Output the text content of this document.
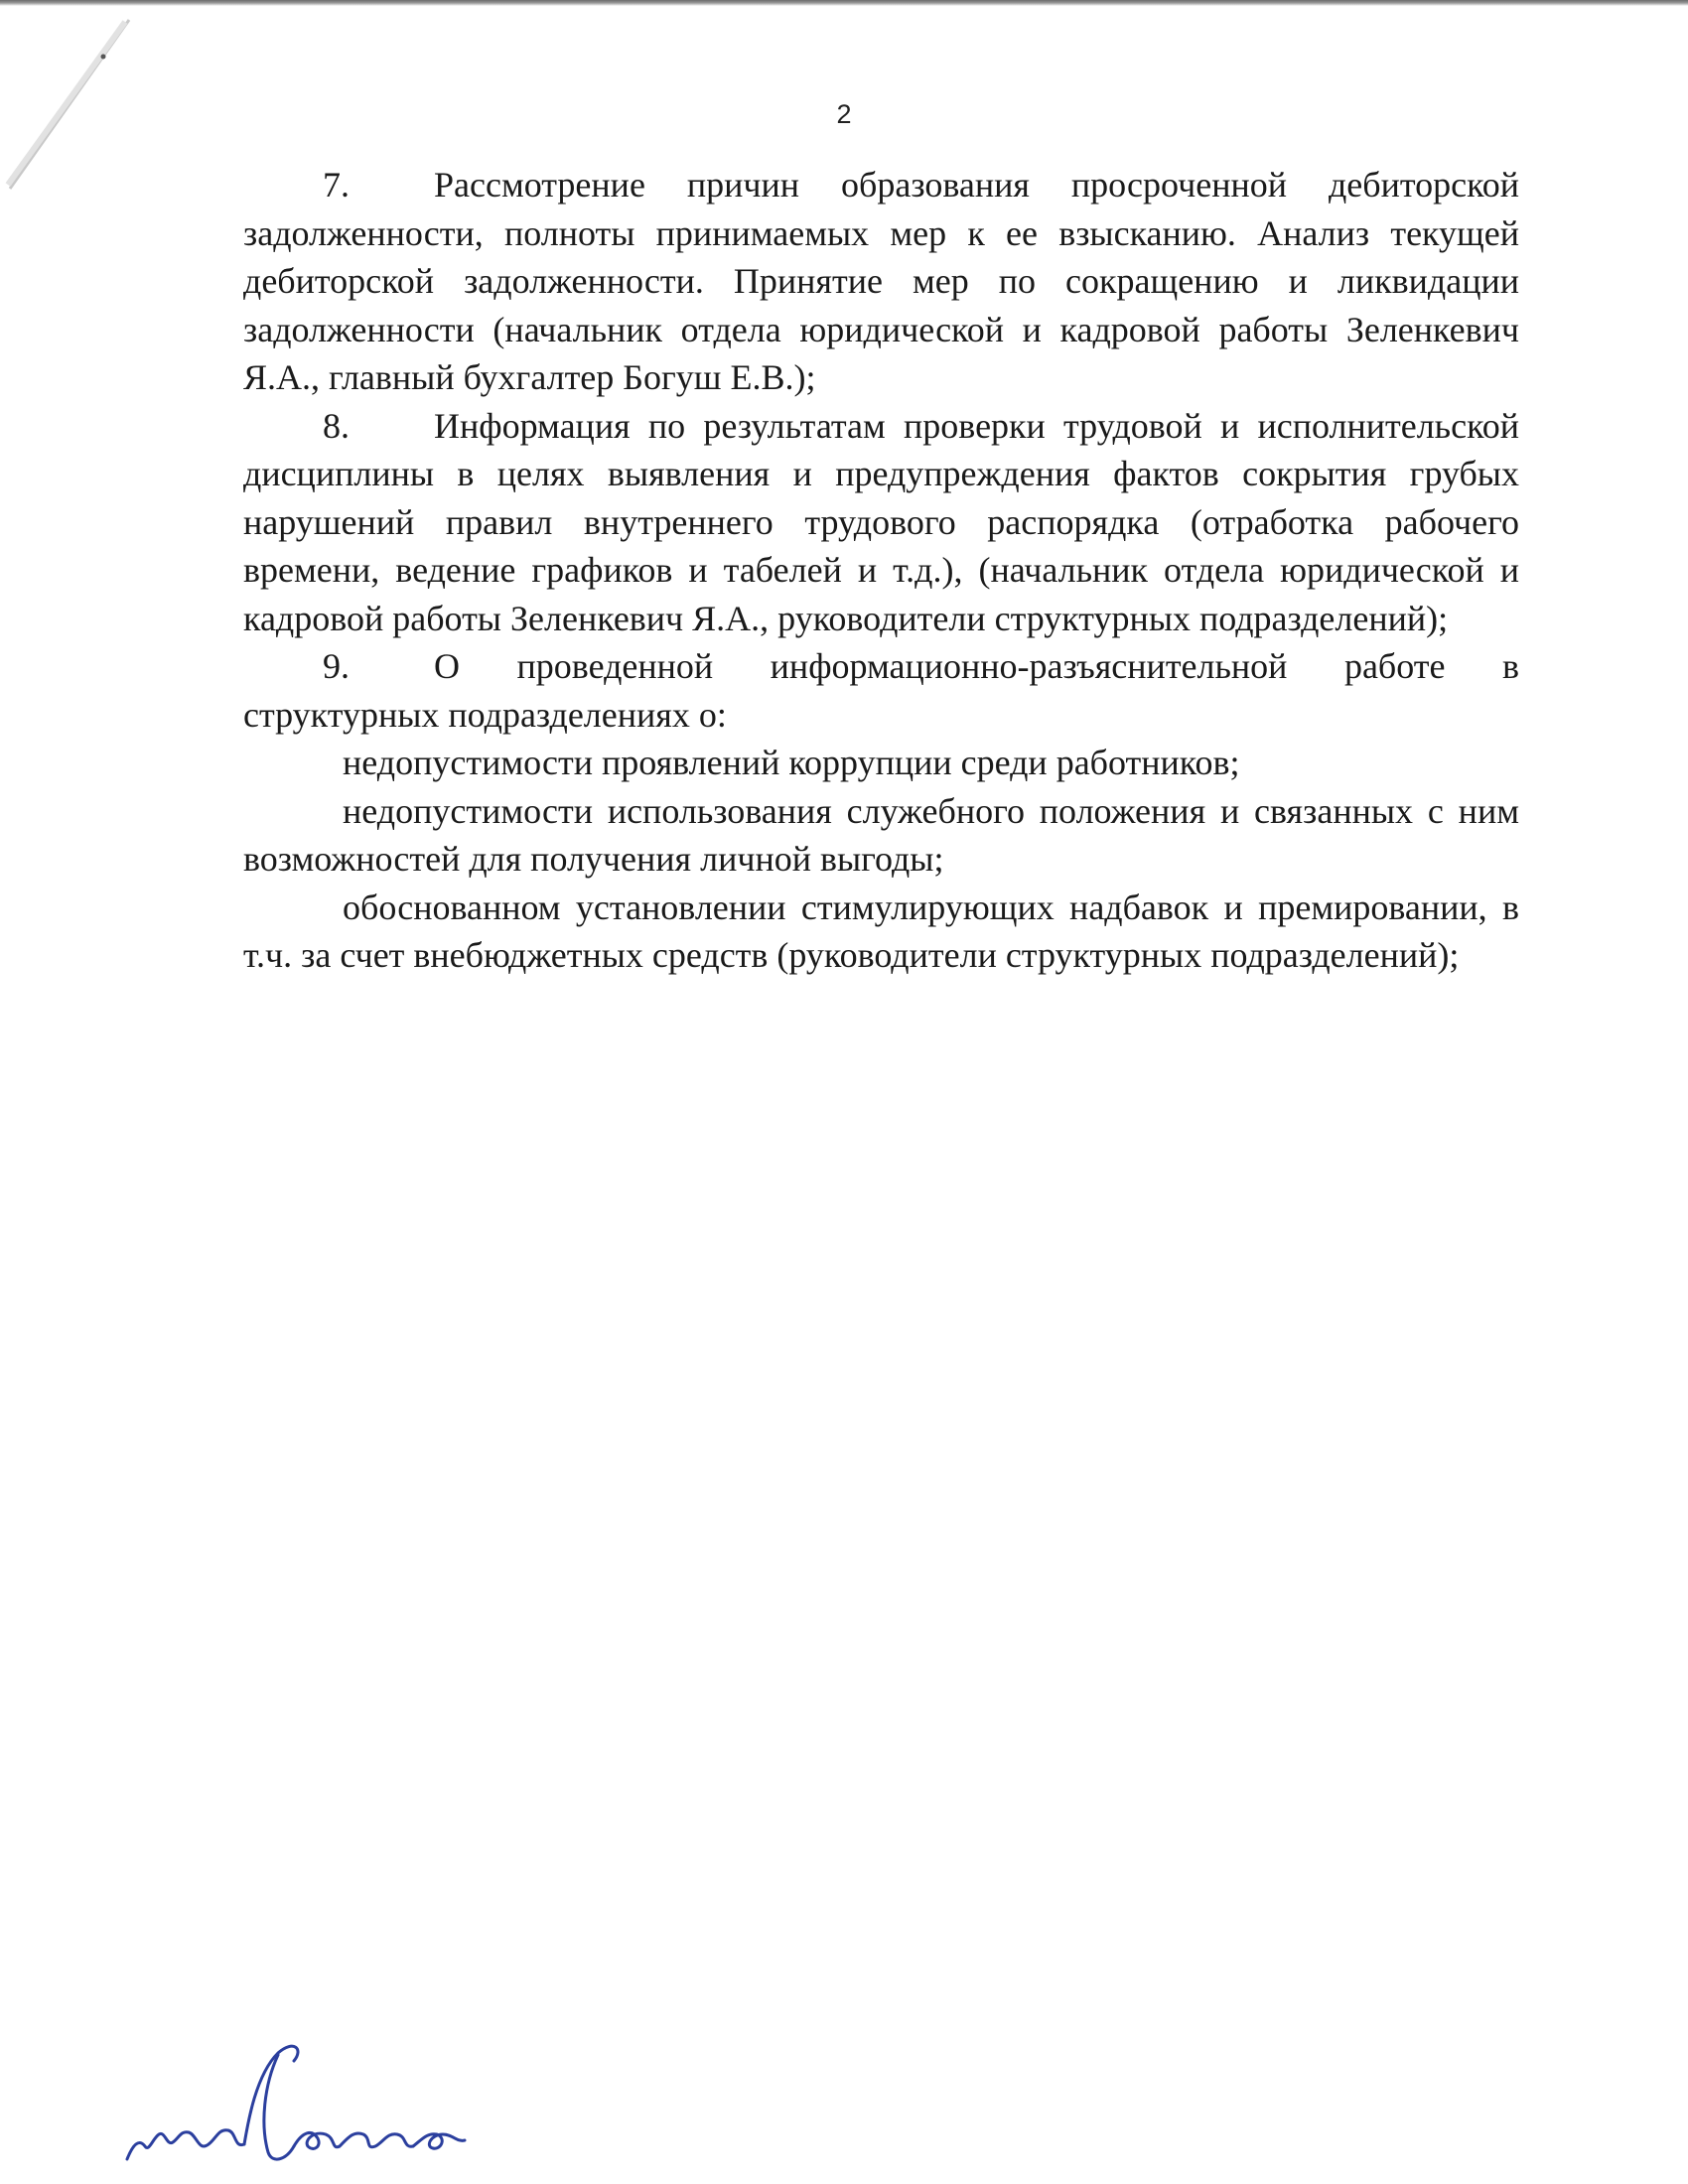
2

7. Рассмотрение причин образования просроченной дебиторской задолженности, полноты принимаемых мер к ее взысканию. Анализ текущей дебиторской задолженности. Принятие мер по сокращению и ликвидации задолженности (начальник отдела юридической и кадровой работы Зеленкевич Я.А., главный бухгалтер Богуш Е.В.);

8. Информация по результатам проверки трудовой и исполнительской дисциплины в целях выявления и предупреждения фактов сокрытия грубых нарушений правил внутреннего трудового распорядка (отработка рабочего времени, ведение графиков и табелей и т.д.), (начальник отдела юридической и кадровой работы Зеленкевич Я.А., руководители структурных подразделений);

9. О проведенной информационно-разъяснительной работе в структурных подразделениях о:

недопустимости проявлений коррупции среди работников;

недопустимости использования служебного положения и связанных с ним возможностей для получения личной выгоды;

обоснованном установлении стимулирующих надбавок и премировании, в т.ч. за счет внебюджетных средств (руководители структурных подразделений);
